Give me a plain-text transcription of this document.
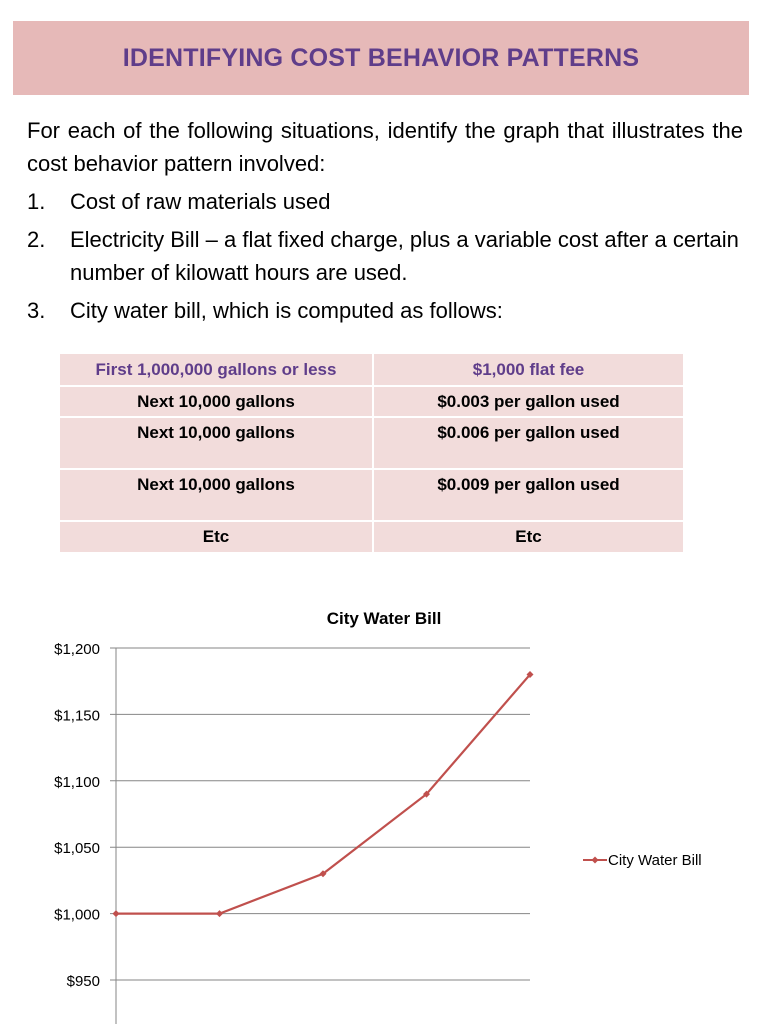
IDENTIFYING COST BEHAVIOR PATTERNS
For each of the following situations, identify the graph that illustrates the cost behavior pattern involved:
1.	Cost of raw materials used
2.	Electricity Bill – a flat fixed charge, plus a variable cost after a certain number of kilowatt hours are used.
3.	City water bill, which is computed as follows:
First 1,000,000 gallons or less	$1,000 flat fee
Next 10,000 gallons	$0.003 per gallon used
Next 10,000 gallons	$0.006 per gallon used
Next 10,000 gallons	$0.009 per gallon used
Etc	Etc
City Water Bill
$950
$1,000
$1,050
$1,100
$1,150
$1,200
City Water Bill
